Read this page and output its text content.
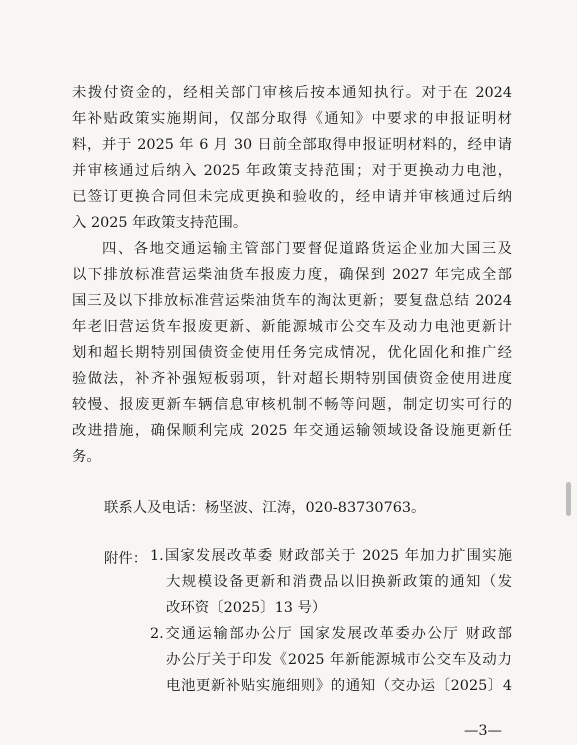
未拨付资金的，经相关部门审核后按本通知执行。对于在 2024
年补贴政策实施期间，仅部分取得《通知》中要求的申报证明材
料，并于 2025 年 6 月 30 日前全部取得申报证明材料的，经申请
并审核通过后纳入 2025 年政策支持范围；对于更换动力电池，
已签订更换合同但未完成更换和验收的，经申请并审核通过后纳
入 2025 年政策支持范围。
四、各地交通运输主管部门要督促道路货运企业加大国三及
以下排放标准营运柴油货车报废力度，确保到 2027 年完成全部
国三及以下排放标准营运柴油货车的淘汰更新；要复盘总结 2024
年老旧营运货车报废更新、新能源城市公交车及动力电池更新计
划和超长期特别国债资金使用任务完成情况，优化固化和推广经
验做法，补齐补强短板弱项，针对超长期特别国债资金使用进度
较慢、报废更新车辆信息审核机制不畅等问题，制定切实可行的
改进措施，确保顺利完成 2025 年交通运输领域设备设施更新任
务。
联系人及电话：杨坚波、江涛，020-83730763。
附件： 1.国家发展改革委 财政部关于 2025 年加力扩围实施
大规模设备更新和消费品以旧换新政策的通知（发
改环资〔2025〕13 号）
2.交通运输部办公厅 国家发展改革委办公厅 财政部
办公厅关于印发《2025 年新能源城市公交车及动力
电池更新补贴实施细则》的通知（交办运〔2025〕4
—3—
